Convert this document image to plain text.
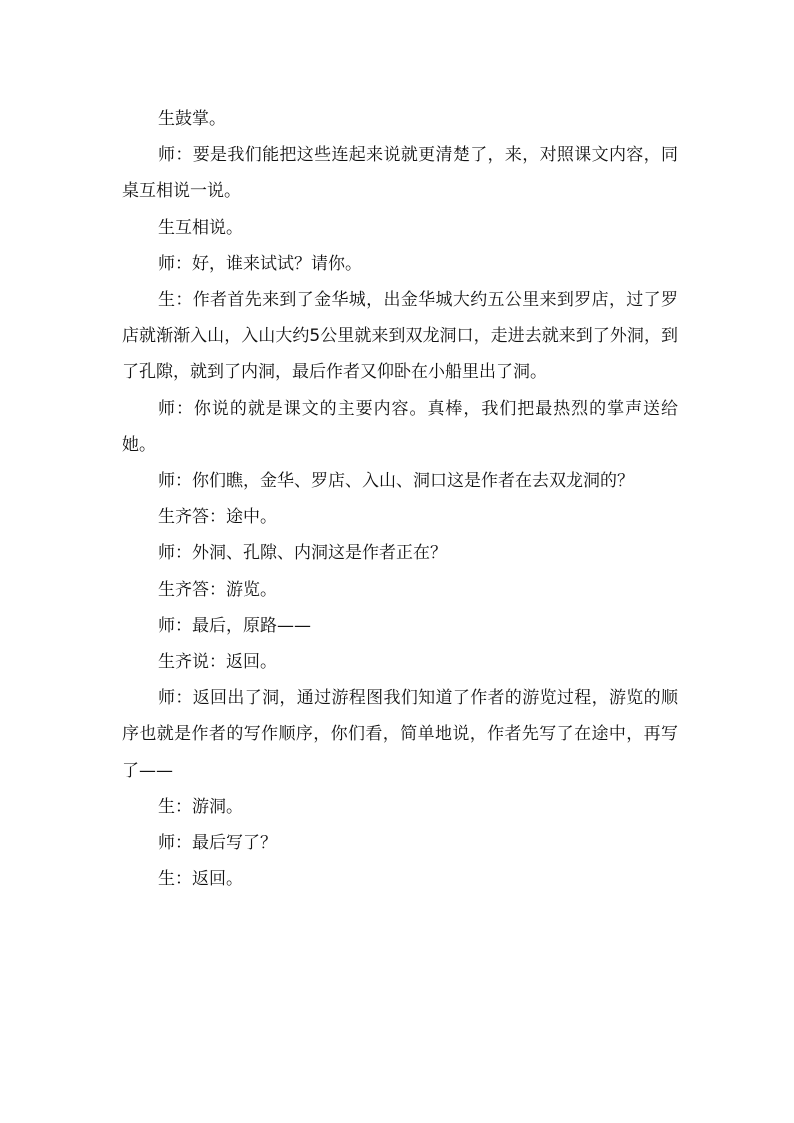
生鼓掌。

师：要是我们能把这些连起来说就更清楚了，来，对照课文内容，同桌互相说一说。

生互相说。

师：好，谁来试试？请你。

生：作者首先来到了金华城，出金华城大约五公里来到罗店，过了罗店就渐渐入山，入山大约5公里就来到双龙洞口，走进去就来到了外洞，到了孔隙，就到了内洞，最后作者又仰卧在小船里出了洞。

师：你说的就是课文的主要内容。真棒，我们把最热烈的掌声送给她。

师：你们瞧，金华、罗店、入山、洞口这是作者在去双龙洞的？

生齐答：途中。

师：外洞、孔隙、内洞这是作者正在？

生齐答：游览。

师：最后，原路——

生齐说：返回。

师：返回出了洞，通过游程图我们知道了作者的游览过程，游览的顺序也就是作者的写作顺序，你们看，简单地说，作者先写了在途中，再写了——

生：游洞。

师：最后写了？

生：返回。
